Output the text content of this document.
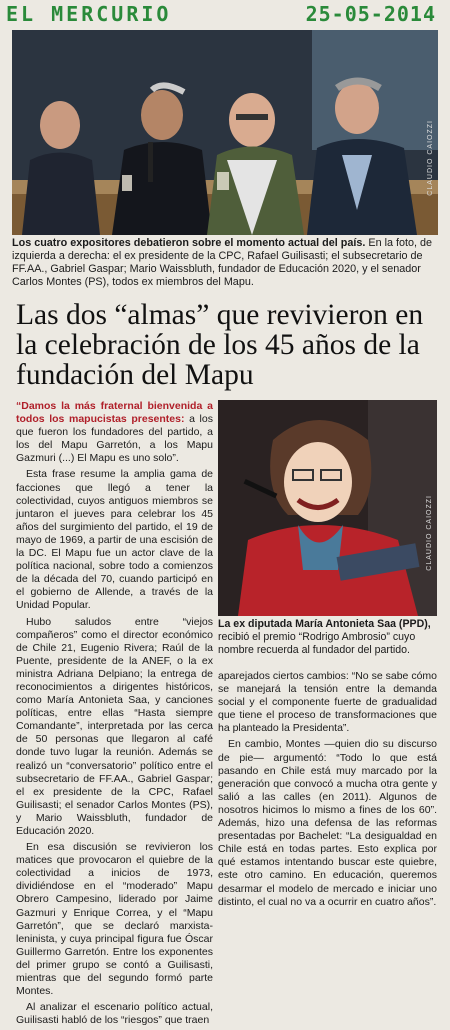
EL MERCURIO	25-05-2014
CLAUDIO CAIOZZI
Los cuatro expositores debatieron sobre el momento actual del país. En la foto, de izquierda a derecha: el ex presidente de la CPC, Rafael Guilisasti; el subsecretario de FF.AA., Gabriel Gaspar; Mario Waissbluth, fundador de Educación 2020, y el senador Carlos Montes (PS), todos ex miembros del Mapu.
Las dos “almas” que revivieron en la celebración de los 45 años de la fundación del Mapu

“Damos la más fraternal bienvenida a todos los mapucistas presentes: a los que fueron los fundadores del partido, a los del Mapu Garretón, a los Mapu Gazmuri (...) El Mapu es uno solo”.

Esta frase resume la amplia gama de facciones que llegó a tener la colectividad, cuyos antiguos miembros se juntaron el jueves para celebrar los 45 años del surgimiento del partido, el 19 de mayo de 1969, a partir de una escisión de la DC. El Mapu fue un actor clave de la política nacional, sobre todo a comienzos de la década del 70, cuando participó en el gobierno de Allende, a través de la Unidad Popular.

Hubo saludos entre “viejos compañeros” como el director económico de Chile 21, Eugenio Rivera; Raúl de la Puente, presidente de la ANEF, o la ex ministra Adriana Delpiano; la entrega de reconocimientos a dirigentes históricos, como María Antonieta Saa, y canciones políticas, entre ellas “Hasta siempre Comandante”, interpretada por las cerca de 50 personas que llegaron al café donde tuvo lugar la reunión. Además se realizó un “conversatorio” político entre el subsecretario de FF.AA., Gabriel Gaspar; el ex presidente de la CPC, Rafael Guilisasti; el senador Carlos Montes (PS), y Mario Waissbluth, fundador de Educación 2020.

En esa discusión se revivieron los matices que provocaron el quiebre de la colectividad a inicios de 1973, dividiéndose en el “moderado” Mapu Obrero Campesino, liderado por Jaime Gazmuri y Enrique Correa, y el “Mapu Garretón”, que se declaró marxista-leninista, y cuya principal figura fue Óscar Guillermo Garretón. Entre los exponentes del primer grupo se contó a Guilisasti, mientras que del segundo formó parte Montes.

Al analizar el escenario político actual, Guilisasti habló de los “riesgos” que traen

CLAUDIO CAIOZZI
La ex diputada María Antonieta Saa (PPD), recibió el premio “Rodrigo Ambrosio” cuyo nombre recuerda al fundador del partido.

aparejados ciertos cambios: “No se sabe cómo se manejará la tensión entre la demanda social y el componente fuerte de gradualidad que tiene el proceso de transformaciones que ha planteado la Presidenta”.

En cambio, Montes —quien dio su discurso de pie— argumentó: “Todo lo que está pasando en Chile está muy marcado por la generación que convocó a mucha otra gente y salió a las calles (en 2011). Algunos de nosotros hicimos lo mismo a fines de los 60”. Además, hizo una defensa de las reformas presentadas por Bachelet: “La desigualdad en Chile está en todas partes. Esto explica por qué estamos intentando buscar este quiebre, este otro camino. En educación, queremos desarmar el modelo de mercado e iniciar uno distinto, el cual no va a ocurrir en cuatro años”.
